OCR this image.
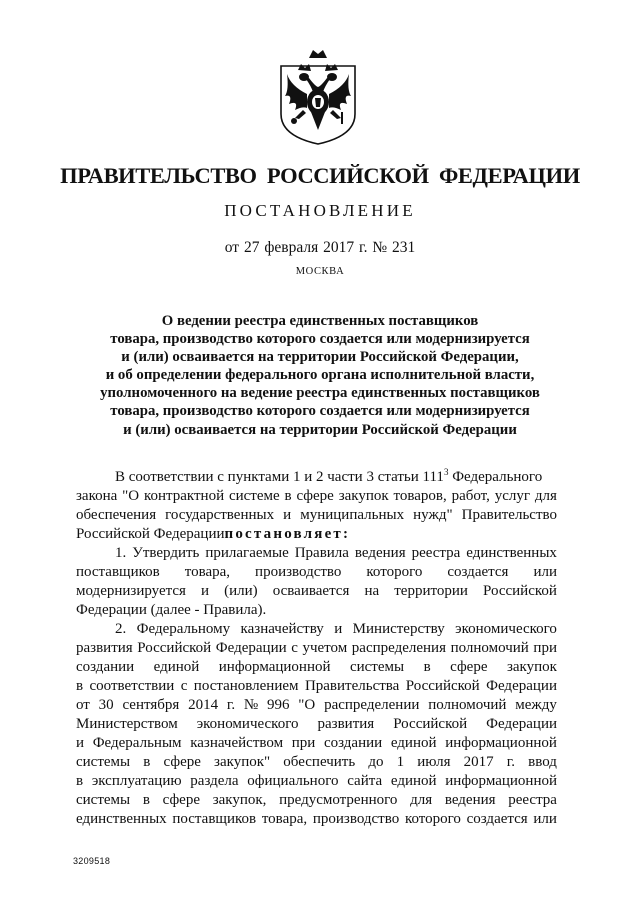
ПРАВИТЕЛЬСТВО РОССИЙСКОЙ ФЕДЕРАЦИИ
ПОСТАНОВЛЕНИЕ
от 27 февраля 2017 г. № 231
МОСКВА
О ведении реестра единственных поставщиков
товара, производство которого создается или модернизируется
и (или) осваивается на территории Российской Федерации,
и об определении федерального органа исполнительной власти,
уполномоченного на ведение реестра единственных поставщиков
товара, производство которого создается или модернизируется
и (или) осваивается на территории Российской Федерации
В соответствии с пунктами 1 и 2 части 3 статьи $111^3$ Федерального
закона "О контрактной системе в сфере закупок товаров, работ, услуг для
обеспечения государственных и муниципальных нужд" Правительство
Российской Федерации постановляет:
1. Утвердить прилагаемые Правила ведения реестра единственных
поставщиков товара, производство которого создается или
модернизируется и (или) осваивается на территории Российской
Федерации (далее - Правила).
2. Федеральному казначейству и Министерству экономического
развития Российской Федерации с учетом распределения полномочий при
создании единой информационной системы в сфере закупок
в соответствии с постановлением Правительства Российской Федерации
от 30 сентября 2014 г. № 996 "О распределении полномочий между
Министерством экономического развития Российской Федерации
и Федеральным казначейством при создании единой информационной
системы в сфере закупок" обеспечить до 1 июля 2017 г. ввод
в эксплуатацию раздела официального сайта единой информационной
системы в сфере закупок, предусмотренного для ведения реестра
единственных поставщиков товара, производство которого создается или
3209518
